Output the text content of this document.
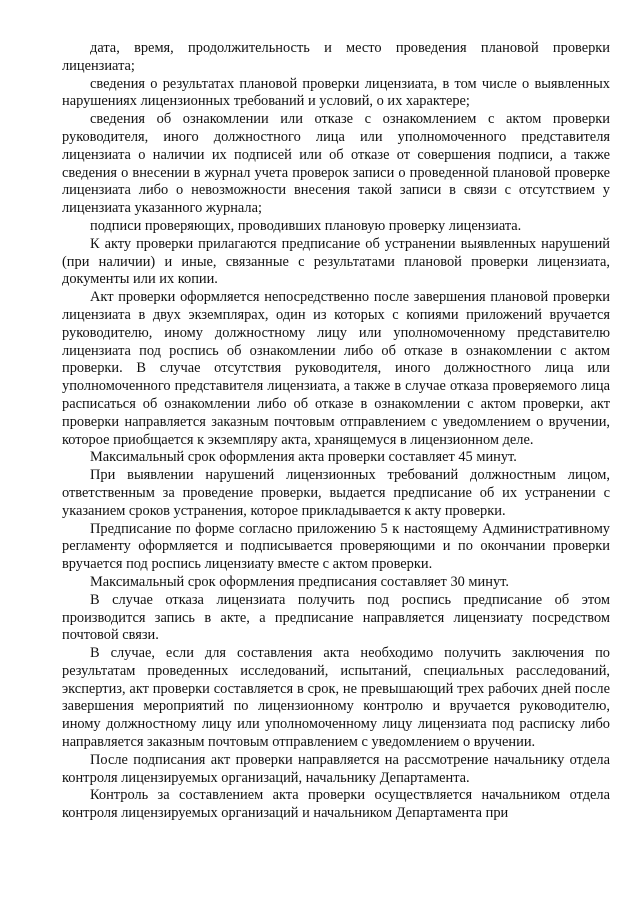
дата, время, продолжительность и место проведения плановой проверки лицензиата;

сведения о результатах плановой проверки лицензиата, в том числе о выявленных нарушениях лицензионных требований и условий, о их характере;

сведения об ознакомлении или отказе с ознакомлением с актом проверки руководителя, иного должностного лица или уполномоченного представителя лицензиата о наличии их подписей или об отказе от совершения подписи, а также сведения о внесении в журнал учета проверок записи о проведенной плановой проверке лицензиата либо о невозможности внесения такой записи в связи с отсутствием у лицензиата указанного журнала;

подписи проверяющих, проводивших плановую проверку лицензиата.

К акту проверки прилагаются предписание об устранении выявленных нарушений (при наличии) и иные, связанные с результатами плановой проверки лицензиата, документы или их копии.

Акт проверки оформляется непосредственно после завершения плановой проверки лицензиата в двух экземплярах, один из которых с копиями приложений вручается руководителю, иному должностному лицу или уполномоченному представителю лицензиата под роспись об ознакомлении либо об отказе в ознакомлении с актом проверки. В случае отсутствия руководителя, иного должностного лица или уполномоченного представителя лицензиата, а также в случае отказа проверяемого лица расписаться об ознакомлении либо об отказе в ознакомлении с актом проверки, акт проверки направляется заказным почтовым отправлением с уведомлением о вручении, которое приобщается к экземпляру акта, хранящемуся в лицензионном деле.

Максимальный срок оформления акта проверки составляет 45 минут.

При выявлении нарушений лицензионных требований должностным лицом, ответственным за проведение проверки, выдается предписание об их устранении с указанием сроков устранения, которое прикладывается к акту проверки.

Предписание по форме согласно приложению 5 к настоящему Административному регламенту оформляется и подписывается проверяющими и по окончании проверки вручается под роспись лицензиату вместе с актом проверки.

Максимальный срок оформления предписания составляет 30 минут.

В случае отказа лицензиата получить под роспись предписание об этом производится запись в акте, а предписание направляется лицензиату посредством почтовой связи.

В случае, если для составления акта необходимо получить заключения по результатам проведенных исследований, испытаний, специальных расследований, экспертиз, акт проверки составляется в срок, не превышающий трех рабочих дней после завершения мероприятий по лицензионному контролю и вручается руководителю, иному должностному лицу или уполномоченному лицу лицензиата под расписку либо направляется заказным почтовым отправлением с уведомлением о вручении.

После подписания акт проверки направляется на рассмотрение начальнику отдела контроля лицензируемых организаций, начальнику Департамента.

Контроль за составлением акта проверки осуществляется начальником отдела контроля лицензируемых организаций и начальником Департамента при
